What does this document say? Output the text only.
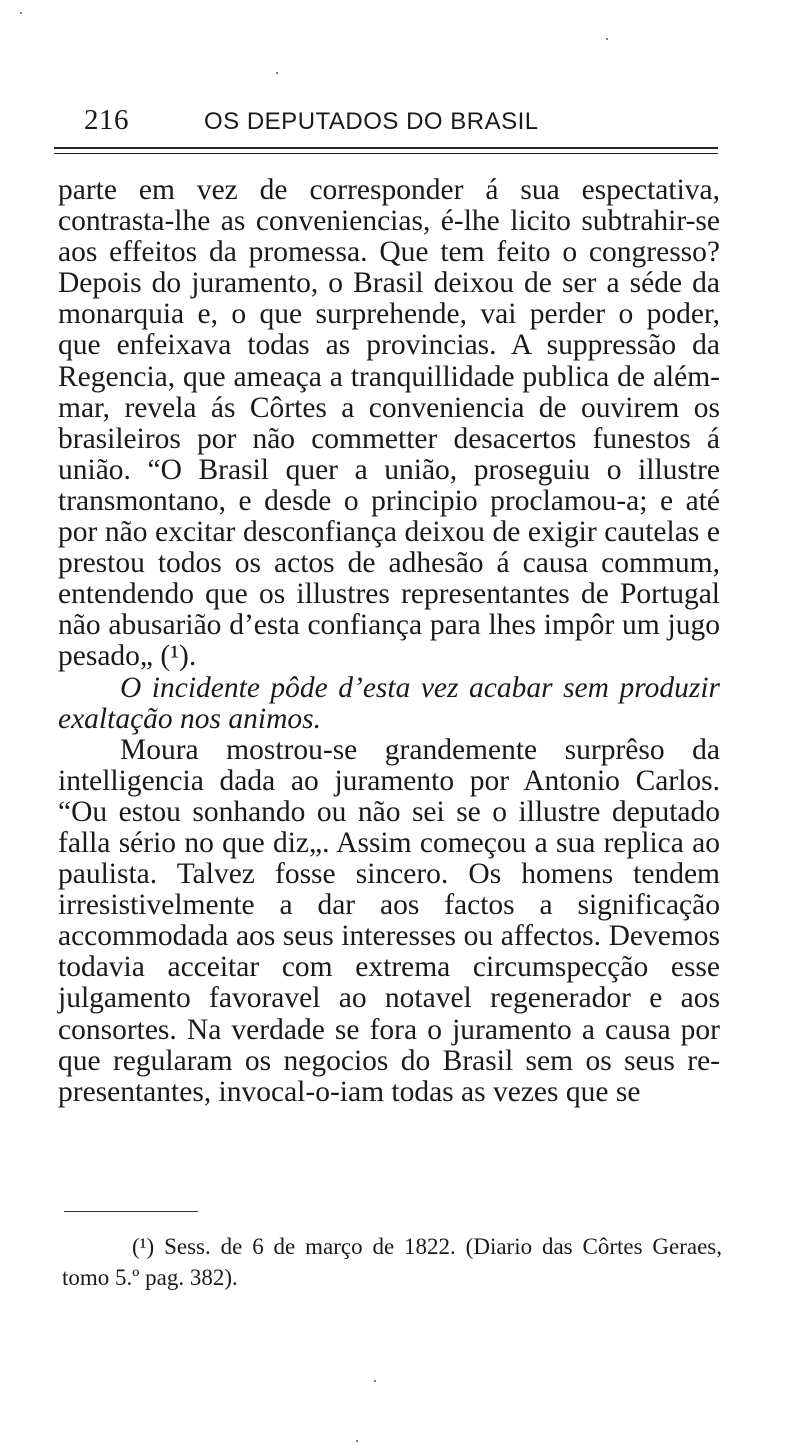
216	OS DEPUTADOS DO BRASIL

parte em vez de corresponder á sua espectativa, contrasta-lhe as conveniencias, é-lhe licito subtrahir-se aos effeitos da promessa. Que tem feito o congresso? Depois do juramento, o Brasil deixou de ser a séde da monarquia e, o que surprehende, vai perder o poder, que enfeixava todas as provincias. A suppressão da Regencia, que ameaça a tranquillidade publica de além-mar, revela ás Côrtes a conveniencia de ouvirem os brasileiros por não commetter desacertos funestos á união. “O Brasil quer a união, proseguiu o illustre transmontano, e desde o principio proclamou-a; e até por não excitar desconfiança deixou de exigir cautelas e prestou todos os actos de adhesão á causa commum, entendendo que os illustres representantes de Portugal não abusarião d’esta confiança para lhes impôr um jugo pesado„ (¹).

O incidente pôde d’esta vez acabar sem produzir exaltação nos animos.

Moura mostrou-se grandemente surprêso da intelligencia dada ao juramento por Antonio Carlos. “Ou estou sonhando ou não sei se o illustre deputado falla sério no que diz„. Assim começou a sua replica ao paulista. Talvez fosse sincero. Os homens tendem irresistivelmente a dar aos factos a significação accommodada aos seus interesses ou affectos. Devemos todavia acceitar com extrema circumspecção esse julgamento favoravel ao notavel regenerador e aos consortes. Na verdade se fora o juramento a causa por que regularam os negocios do Brasil sem os seus representantes, invocal-o-iam todas as vezes que se

(¹) Sess. de 6 de março de 1822. (Diario das Côrtes Geraes, tomo 5.º pag. 382).
